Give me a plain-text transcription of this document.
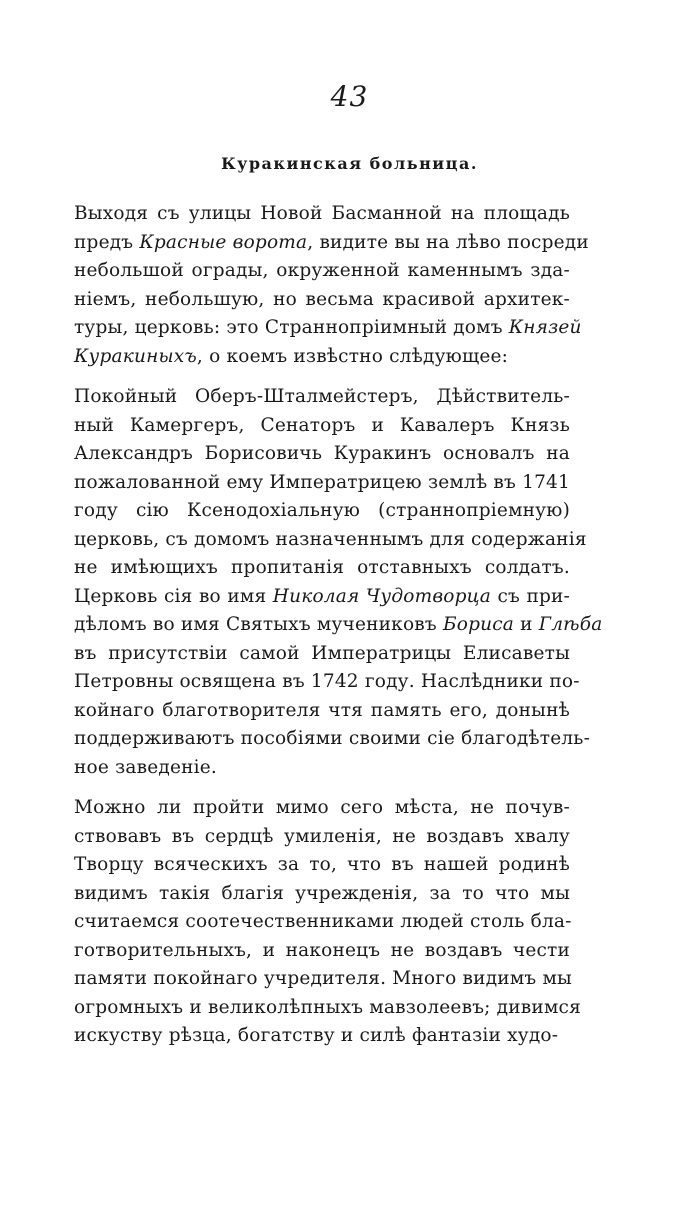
43
Куракинская больница.
Выходя съ улицы Новой Басманной на площадь
предъ Красные ворота, видите вы на лѣво посреди
небольшой ограды, окруженной каменнымъ зда-
ніемъ, небольшую, но весьма красивой архитек-
туры, церковь: это Страннопріимный домъ Князей
Куракиныхъ, о коемъ извѣстно слѣдующее:
Покойный Оберъ-Шталмейстеръ, Дѣйствитель-
ный Камергеръ, Сенаторъ и Кавалеръ Князь
Александръ Борисовичь Куракинъ основалъ на
пожалованной ему Императрицею землѣ въ 1741
году сію Ксенодохіальную (страннопріемную)
церковь, съ домомъ назначеннымъ для содержанія
не имѣющихъ пропитанія отставныхъ солдатъ.
Церковь сія во имя Николая Чудотворца съ при-
дѣломъ во имя Святыхъ мучениковъ Бориса и Глѣба
въ присутствіи самой Императрицы Елисаветы
Петровны освящена въ 1742 году. Наслѣдники по-
койнаго благотворителя чтя память его, донынѣ
поддерживаютъ пособіями своими сіе благодѣтель-
ное заведеніе.
Можно ли пройти мимо сего мѣста, не почув-
ствовавъ въ сердцѣ умиленія, не воздавъ хвалу
Творцу всяческихъ за то, что въ нашей родинѣ
видимъ такія благія учрежденія, за то что мы
считаемся соотечественниками людей столь бла-
готворительныхъ, и наконецъ не воздавъ чести
памяти покойнаго учредителя. Много видимъ мы
огромныхъ и великолѣпныхъ мавзолеевъ; дивимся
искуству рѣзца, богатству и силѣ фантазіи худо-
